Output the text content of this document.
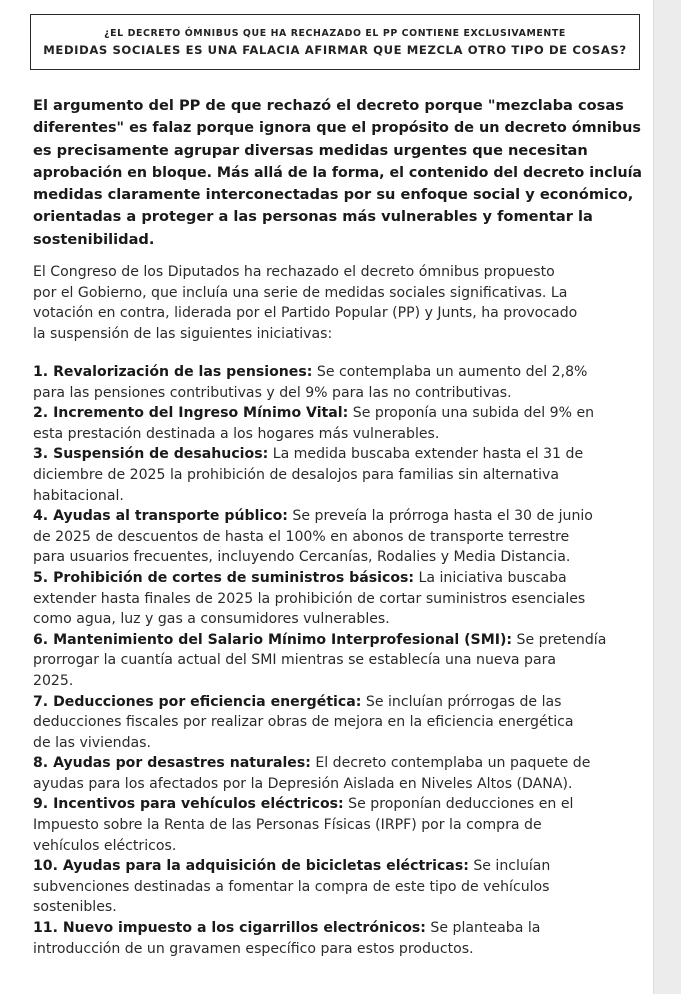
¿EL DECRETO ÓMNIBUS QUE HA RECHAZADO EL PP CONTIENE EXCLUSIVAMENTE
MEDIDAS SOCIALES ES UNA FALACIA AFIRMAR QUE MEZCLA OTRO TIPO DE COSAS?
El argumento del PP de que rechazó el decreto porque "mezclaba cosas
diferentes" es falaz porque ignora que el propósito de un decreto ómnibus
es precisamente agrupar diversas medidas urgentes que necesitan
aprobación en bloque. Más allá de la forma, el contenido del decreto incluía
medidas claramente interconectadas por su enfoque social y económico,
orientadas a proteger a las personas más vulnerables y fomentar la
sostenibilidad.
El Congreso de los Diputados ha rechazado el decreto ómnibus propuesto
por el Gobierno, que incluía una serie de medidas sociales significativas. La
votación en contra, liderada por el Partido Popular (PP) y Junts, ha provocado
la suspensión de las siguientes iniciativas:
1. Revalorización de las pensiones: Se contemplaba un aumento del 2,8%
para las pensiones contributivas y del 9% para las no contributivas.
2. Incremento del Ingreso Mínimo Vital: Se proponía una subida del 9% en
esta prestación destinada a los hogares más vulnerables.
3. Suspensión de desahucios: La medida buscaba extender hasta el 31 de
diciembre de 2025 la prohibición de desalojos para familias sin alternativa
habitacional.
4. Ayudas al transporte público: Se preveía la prórroga hasta el 30 de junio
de 2025 de descuentos de hasta el 100% en abonos de transporte terrestre
para usuarios frecuentes, incluyendo Cercanías, Rodalies y Media Distancia.
5. Prohibición de cortes de suministros básicos: La iniciativa buscaba
extender hasta finales de 2025 la prohibición de cortar suministros esenciales
como agua, luz y gas a consumidores vulnerables.
6. Mantenimiento del Salario Mínimo Interprofesional (SMI): Se pretendía
prorrogar la cuantía actual del SMI mientras se establecía una nueva para
2025.
7. Deducciones por eficiencia energética: Se incluían prórrogas de las
deducciones fiscales por realizar obras de mejora en la eficiencia energética
de las viviendas.
8. Ayudas por desastres naturales: El decreto contemplaba un paquete de
ayudas para los afectados por la Depresión Aislada en Niveles Altos (DANA).
9. Incentivos para vehículos eléctricos: Se proponían deducciones en el
Impuesto sobre la Renta de las Personas Físicas (IRPF) por la compra de
vehículos eléctricos.
10. Ayudas para la adquisición de bicicletas eléctricas: Se incluían
subvenciones destinadas a fomentar la compra de este tipo de vehículos
sostenibles.
11. Nuevo impuesto a los cigarrillos electrónicos: Se planteaba la
introducción de un gravamen específico para estos productos.
